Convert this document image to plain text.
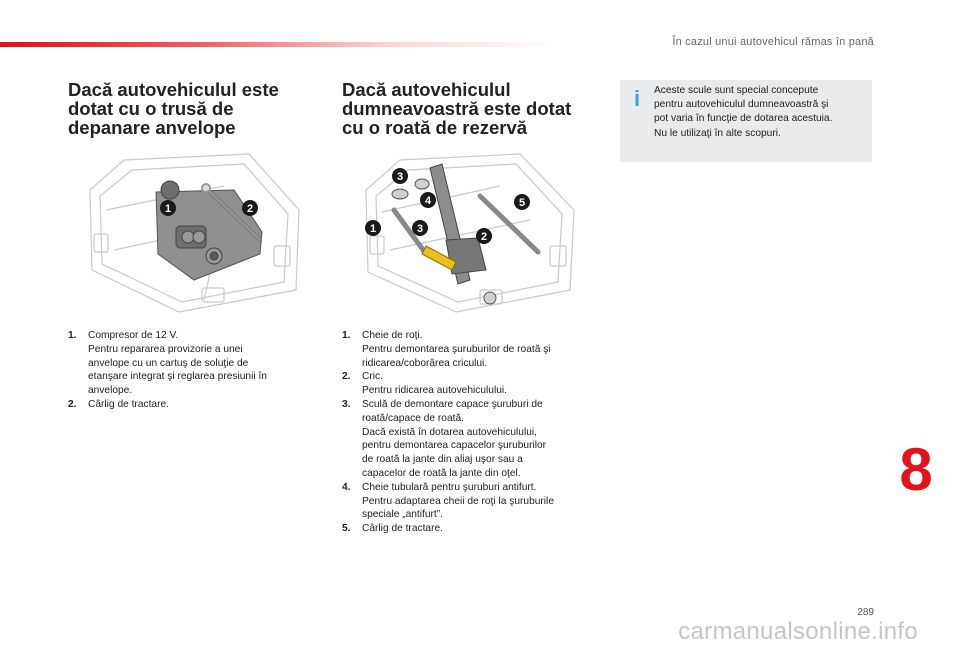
În cazul unui autovehicul rămas în pană
Dacă autovehiculul este
dotat cu o trusă de
depanare anvelope
1	2
1. Compresor de 12 V.
Pentru repararea provizorie a unei
anvelope cu un cartuş de soluţie de
etanşare integrat şi reglarea presiunii în
anvelope.
2. Cârlig de tractare.
Dacă autovehiculul
dumneavoastră este dotat
cu o roată de rezervă
1
2
3
3
4	5
1. Cheie de roţi.
Pentru demontarea şuruburilor de roată şi
ridicarea/coborârea cricului.
2. Cric.
Pentru ridicarea autovehiculului.
3. Sculă de demontare capace şuruburi de
roată/capace de roată.
Dacă există în dotarea autovehiculului,
pentru demontarea capacelor şuruburilor
de roată la jante din aliaj uşor sau a
capacelor de roată la jante din oţel.
4. Cheie tubulară pentru şuruburi antifurt.
Pentru adaptarea cheii de roţi la şuruburile
speciale „antifurt”.
5. Cârlig de tractare.
i	Aceste scule sunt special concepute
pentru autovehiculul dumneavoastră şi
pot varia în funcţie de dotarea acestuia.
Nu le utilizaţi în alte scopuri.
8
289
carmanualsonline.info
